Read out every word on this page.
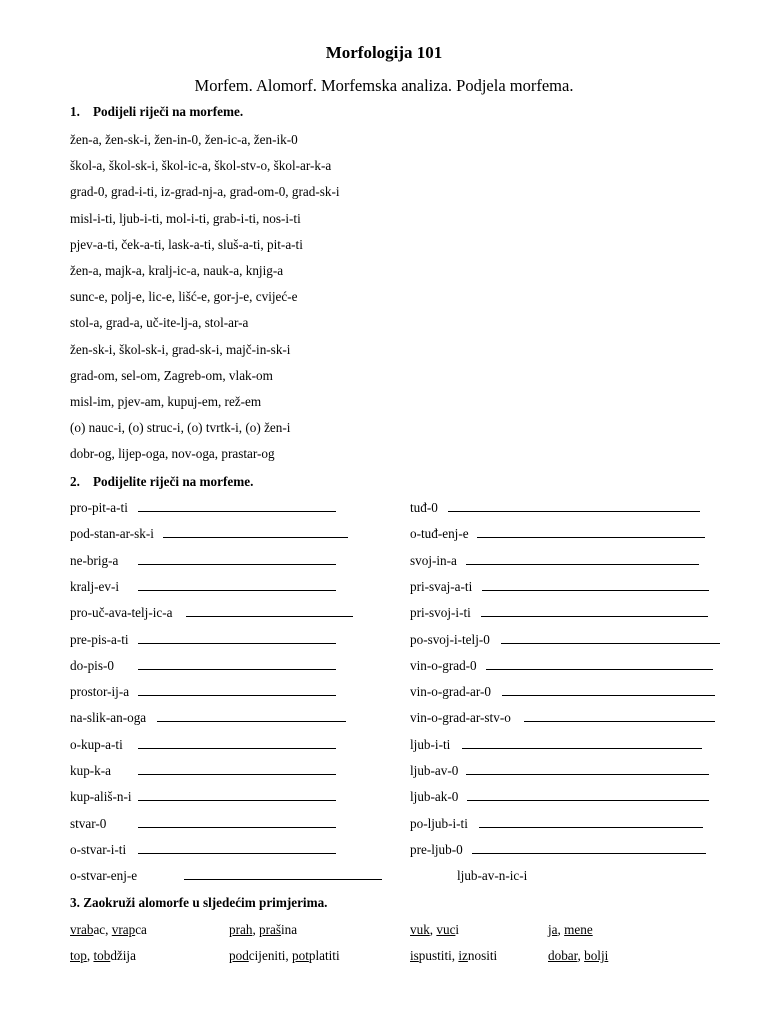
Morfologija 101
Morfem. Alomorf. Morfemska analiza. Podjela morfema.
1. Podijeli riječi na morfeme.
žen-a, žen-sk-i, žen-in-0, žen-ic-a, žen-ik-0
škol-a, škol-sk-i, škol-ic-a, škol-stv-o, škol-ar-k-a
grad-0, grad-i-ti, iz-grad-nj-a, grad-om-0, grad-sk-i
misl-i-ti, ljub-i-ti, mol-i-ti, grab-i-ti, nos-i-ti
pjev-a-ti, ček-a-ti, lask-a-ti, sluš-a-ti, pit-a-ti
žen-a, majk-a, kralj-ic-a, nauk-a, knjig-a
sunc-e, polj-e, lic-e, lišć-e, gor-j-e, cvijeć-e
stol-a, grad-a, uč-ite-lj-a, stol-ar-a
žen-sk-i, škol-sk-i, grad-sk-i, majč-in-sk-i
grad-om, sel-om, Zagreb-om, vlak-om
misl-im, pjev-am, kupuj-em, rež-em
(o) nauc-i, (o) struc-i, (o) tvrtk-i, (o) žen-i
dobr-og, lijep-oga, nov-oga, prastar-og
2. Podijelite riječi na morfeme.
pro-pit-a-ti	tuđ-0
pod-stan-ar-sk-i	o-tuđ-enj-e
ne-brig-a	svoj-in-a
kralj-ev-i	pri-svaj-a-ti
pro-uč-ava-telj-ic-a	pri-svoj-i-ti
pre-pis-a-ti	po-svoj-i-telj-0
do-pis-0	vin-o-grad-0
prostor-ij-a	vin-o-grad-ar-0
na-slik-an-oga	vin-o-grad-ar-stv-o
o-kup-a-ti	ljub-i-ti
kup-k-a	ljub-av-0
kup-ališ-n-i	ljub-ak-0
stvar-0	po-ljub-i-ti
o-stvar-i-ti	pre-ljub-0
o-stvar-enj-e	ljub-av-n-ic-i
3. Zaokruži alomorfe u sljedećim primjerima.
vrabac, vrapca	prah, prašina	vuk, vuci	ja, mene
top, tobdžija	podcijeniti, potplatiti	ispustiti, iznositi	dobar, bolji
